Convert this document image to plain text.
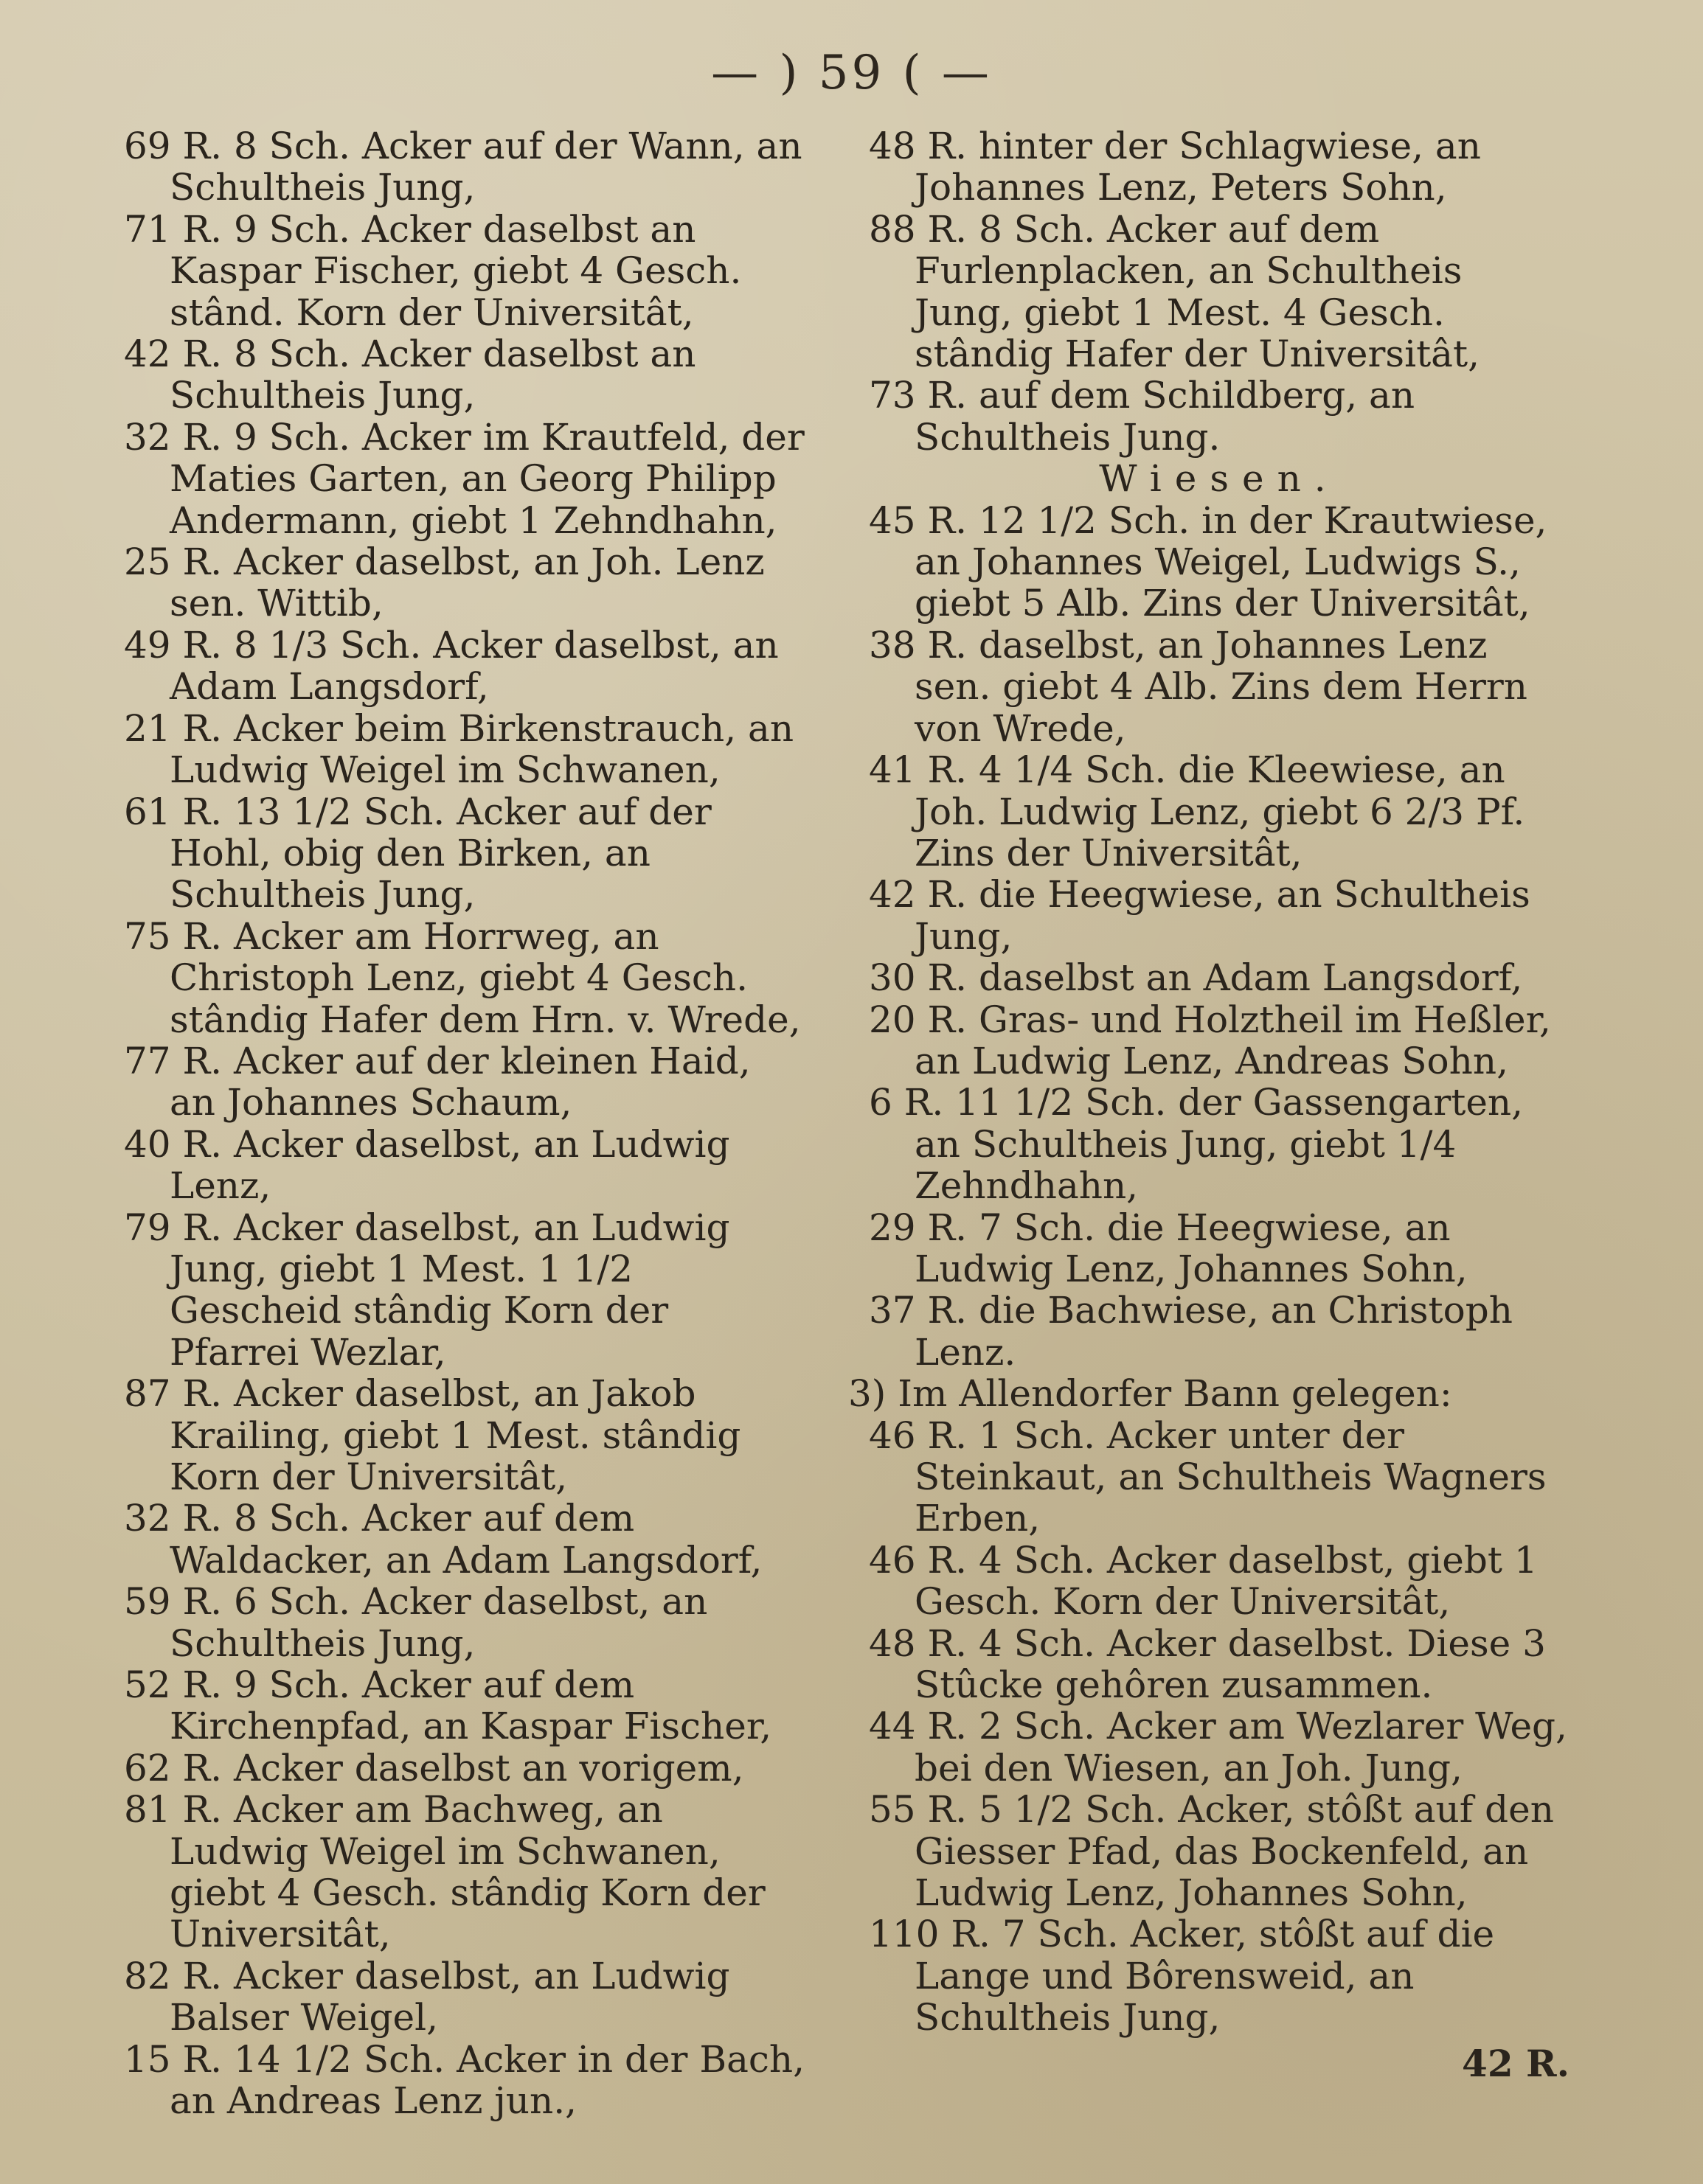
— ) 59 ( —
69 R. 8 Sch. Acker auf der Wann, an Schultheis Jung,
71 R. 9 Sch. Acker daselbst an Kaspar Fischer, giebt 4 Gesch. stând. Korn der Universitât,
42 R. 8 Sch. Acker daselbst an Schultheis Jung,
32 R. 9 Sch. Acker im Krautfeld, der Maties Garten, an Georg Philipp Andermann, giebt 1 Zehndhahn,
25 R. Acker daselbst, an Joh. Lenz sen. Wittib,
49 R. 8 1/3 Sch. Acker daselbst, an Adam Langsdorf,
21 R. Acker beim Birkenstrauch, an Ludwig Weigel im Schwanen,
61 R. 13 1/2 Sch. Acker auf der Hohl, obig den Birken, an Schultheis Jung,
75 R. Acker am Horrweg, an Christoph Lenz, giebt 4 Gesch. stândig Hafer dem Hrn. v. Wrede,
77 R. Acker auf der kleinen Haid, an Johannes Schaum,
40 R. Acker daselbst, an Ludwig Lenz,
79 R. Acker daselbst, an Ludwig Jung, giebt 1 Mest. 1 1/2 Gescheid stândig Korn der Pfarrei Wezlar,
87 R. Acker daselbst, an Jakob Krailing, giebt 1 Mest. stândig Korn der Universitât,
32 R. 8 Sch. Acker auf dem Waldacker, an Adam Langsdorf,
59 R. 6 Sch. Acker daselbst, an Schultheis Jung,
52 R. 9 Sch. Acker auf dem Kirchenpfad, an Kaspar Fischer,
62 R. Acker daselbst an vorigem,
81 R. Acker am Bachweg, an Ludwig Weigel im Schwanen, giebt 4 Gesch. stândig Korn der Universitât,
82 R. Acker daselbst, an Ludwig Balser Weigel,
15 R. 14 1/2 Sch. Acker in der Bach, an Andreas Lenz jun.,
48 R. hinter der Schlagwiese, an Johannes Lenz, Peters Sohn,
88 R. 8 Sch. Acker auf dem Furlenplacken, an Schultheis Jung, giebt 1 Mest. 4 Gesch. stândig Hafer der Universitât,
73 R. auf dem Schildberg, an Schultheis Jung.
Wiesen.
45 R. 12 1/2 Sch. in der Krautwiese, an Johannes Weigel, Ludwigs S., giebt 5 Alb. Zins der Universitât,
38 R. daselbst, an Johannes Lenz sen. giebt 4 Alb. Zins dem Herrn von Wrede,
41 R. 4 1/4 Sch. die Kleewiese, an Joh. Ludwig Lenz, giebt 6 2/3 Pf. Zins der Universitât,
42 R. die Heegwiese, an Schultheis Jung,
30 R. daselbst an Adam Langsdorf,
20 R. Gras- und Holztheil im Heßler, an Ludwig Lenz, Andreas Sohn,
6 R. 11 1/2 Sch. der Gassengarten, an Schultheis Jung, giebt 1/4 Zehndhahn,
29 R. 7 Sch. die Heegwiese, an Ludwig Lenz, Johannes Sohn,
37 R. die Bachwiese, an Christoph Lenz.
3) Im Allendorfer Bann gelegen:
46 R. 1 Sch. Acker unter der Steinkaut, an Schultheis Wagners Erben,
46 R. 4 Sch. Acker daselbst, giebt 1 Gesch. Korn der Universitât,
48 R. 4 Sch. Acker daselbst. Diese 3 Stûcke gehôren zusammen.
44 R. 2 Sch. Acker am Wezlarer Weg, bei den Wiesen, an Joh. Jung,
55 R. 5 1/2 Sch. Acker, stôßt auf den Giesser Pfad, das Bockenfeld, an Ludwig Lenz, Johannes Sohn,
110 R. 7 Sch. Acker, stôßt auf die Lange und Bôrensweid, an Schultheis Jung,
42 R.
